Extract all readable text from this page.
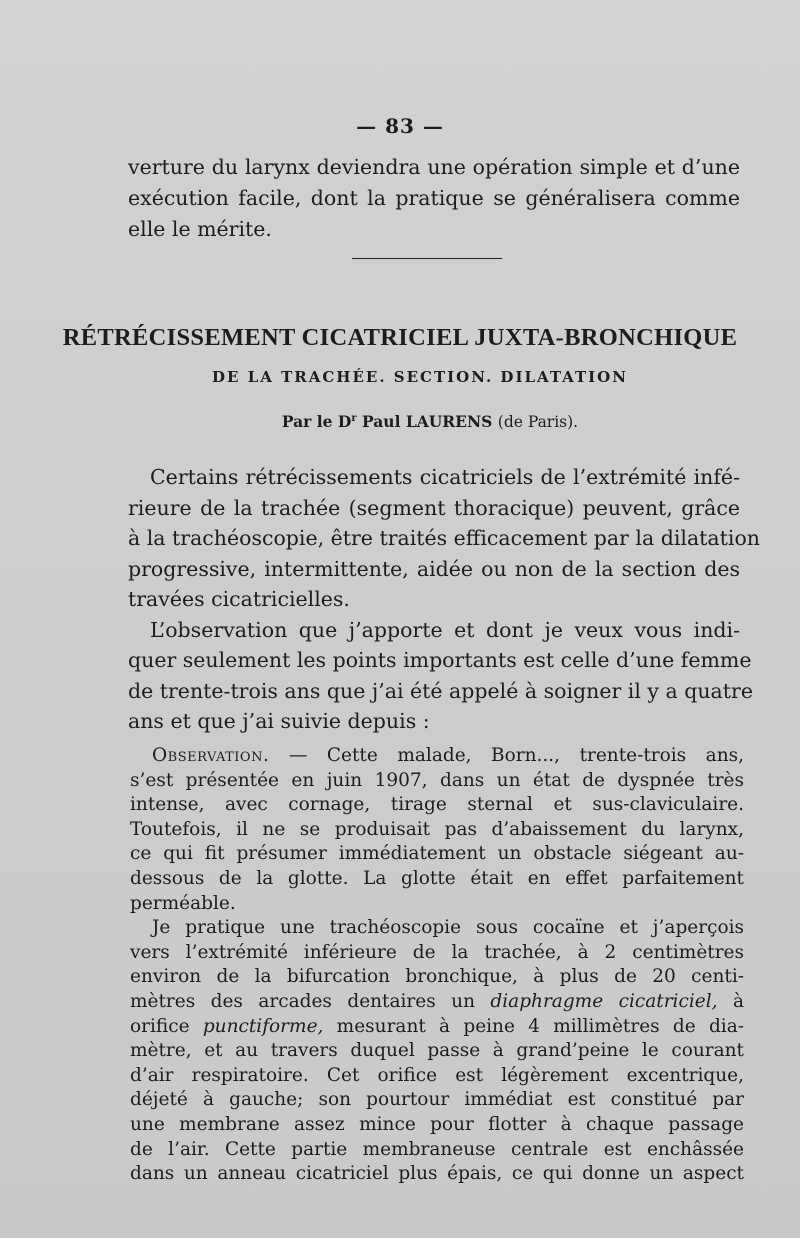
— 83 —
verture du larynx deviendra une opération simple et d’une
exécution facile, dont la pratique se généralisera comme
elle le mérite.
RÉTRÉCISSEMENT CICATRICIEL JUXTA-BRONCHIQUE
DE LA TRACHÉE. SECTION. DILATATION
Par le $D^r$ Paul LAURENS (de Paris).
Certains rétrécissements cicatriciels de l’extrémité infé-
rieure de la trachée (segment thoracique) peuvent, grâce
à la trachéoscopie, être traités efficacement par la dilatation
progressive, intermittente, aidée ou non de la section des
travées cicatricielles.
L’observation que j’apporte et dont je veux vous indi-
quer seulement les points importants est celle d’une femme
de trente-trois ans que j’ai été appelé à soigner il y a quatre
ans et que j’ai suivie depuis :
Observation. — Cette malade, Born..., trente-trois ans,
s’est présentée en juin 1907, dans un état de dyspnée très
intense, avec cornage, tirage sternal et sus-claviculaire.
Toutefois, il ne se produisait pas d’abaissement du larynx,
ce qui fit présumer immédiatement un obstacle siégeant au-
dessous de la glotte. La glotte était en effet parfaitement
perméable.
Je pratique une trachéoscopie sous cocaïne et j’aperçois
vers l’extrémité inférieure de la trachée, à 2 centimètres
environ de la bifurcation bronchique, à plus de 20 centi-
mètres des arcades dentaires un diaphragme cicatriciel, à
orifice punctiforme, mesurant à peine 4 millimètres de dia-
mètre, et au travers duquel passe à grand’peine le courant
d’air respiratoire. Cet orifice est légèrement excentrique,
déjeté à gauche; son pourtour immédiat est constitué par
une membrane assez mince pour flotter à chaque passage
de l’air. Cette partie membraneuse centrale est enchâssée
dans un anneau cicatriciel plus épais, ce qui donne un aspect
